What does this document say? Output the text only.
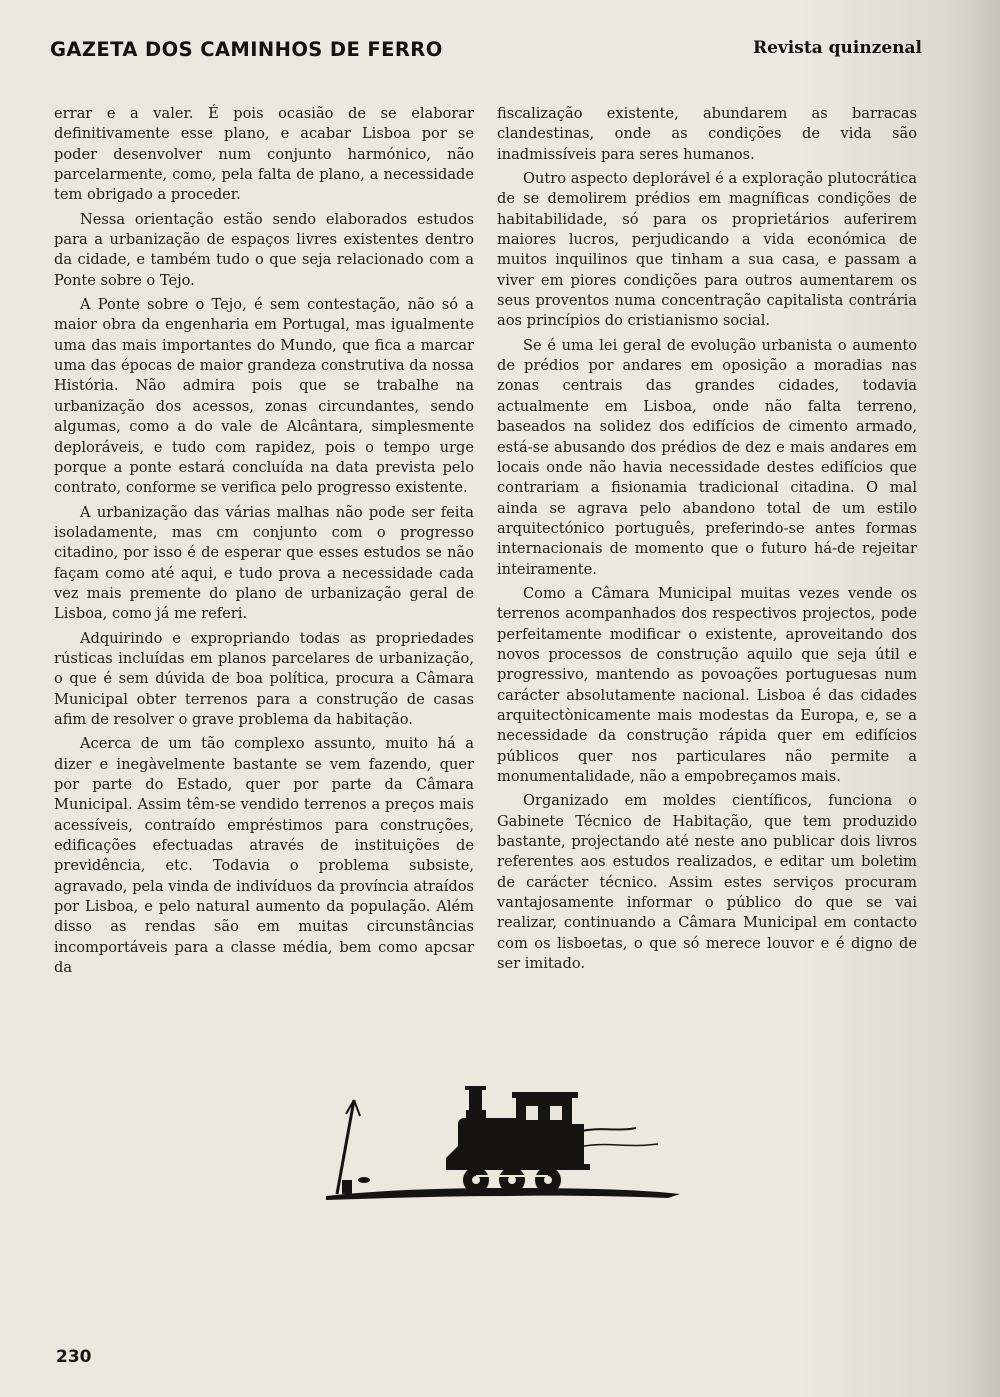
GAZETA DOS CAMINHOS DE FERRO	Revista quinzenal

errar e a valer. É pois ocasião de se elaborar definitivamente esse plano, e acabar Lisboa por se poder desenvolver num conjunto harmónico, não parcelarmente, como, pela falta de plano, a necessidade tem obrigado a proceder.

Nessa orientação estão sendo elaborados estudos para a urbanização de espaços livres existentes dentro da cidade, e também tudo o que seja relacionado com a Ponte sobre o Tejo.

A Ponte sobre o Tejo, é sem contestação, não só a maior obra da engenharia em Portugal, mas igualmente uma das mais importantes do Mundo, que fica a marcar uma das épocas de maior grandeza construtiva da nossa História. Não admira pois que se trabalhe na urbanização dos acessos, zonas circundantes, sendo algumas, como a do vale de Alcântara, simplesmente deploráveis, e tudo com rapidez, pois o tempo urge porque a ponte estará concluída na data prevista pelo contrato, conforme se verifica pelo progresso existente.

A urbanização das várias malhas não pode ser feita isoladamente, mas cm conjunto com o progresso citadino, por isso é de esperar que esses estudos se não façam como até aqui, e tudo prova a necessidade cada vez mais premente do plano de urbanização geral de Lisboa, como já me referi.

Adquirindo e expropriando todas as propriedades rústicas incluídas em planos parcelares de urbanização, o que é sem dúvida de boa política, procura a Câmara Municipal obter terrenos para a construção de casas afim de resolver o grave problema da habitação.

Acerca de um tão complexo assunto, muito há a dizer e inegàvelmente bastante se vem fazendo, quer por parte do Estado, quer por parte da Câmara Municipal. Assim têm-se vendido terrenos a preços mais acessíveis, contraído empréstimos para construções, edificações efectuadas através de instituições de previdência, etc. Todavia o problema subsiste, agravado, pela vinda de indivíduos da província atraídos por Lisboa, e pelo natural aumento da população. Além disso as rendas são em muitas circunstâncias incomportáveis para a classe média, bem como apcsar da

fiscalização existente, abundarem as barracas clandestinas, onde as condições de vida são inadmissíveis para seres humanos.

Outro aspecto deplorável é a exploração plutocrática de se demolirem prédios em magníficas condições de habitabilidade, só para os proprietários auferirem maiores lucros, perjudicando a vida económica de muitos inquilinos que tinham a sua casa, e passam a viver em piores condições para outros aumentarem os seus proventos numa concentração capitalista contrária aos princípios do cristianismo social.

Se é uma lei geral de evolução urbanista o aumento de prédios por andares em oposição a moradias nas zonas centrais das grandes cidades, todavia actualmente em Lisboa, onde não falta terreno, baseados na solidez dos edifícios de cimento armado, está-se abusando dos prédios de dez e mais andares em locais onde não havia necessidade destes edifícios que contrariam a fisionamia tradicional citadina. O mal ainda se agrava pelo abandono total de um estilo arquitectónico português, preferindo-se antes formas internacionais de momento que o futuro há-de rejeitar inteiramente.

Como a Câmara Municipal muitas vezes vende os terrenos acompanhados dos respectivos projectos, pode perfeitamente modificar o existente, aproveitando dos novos processos de construção aquilo que seja útil e progressivo, mantendo as povoações portuguesas num carácter absolutamente nacional. Lisboa é das cidades arquitectònicamente mais modestas da Europa, e, se a necessidade da construção rápida quer em edifícios públicos quer nos particulares não permite a monumentalidade, não a empobreçamos mais.

Organizado em moldes científicos, funciona o Gabinete Técnico de Habitação, que tem produzido bastante, projectando até neste ano publicar dois livros referentes aos estudos realizados, e editar um boletim de carácter técnico. Assim estes serviços procuram vantajosamente informar o público do que se vai realizar, continuando a Câmara Municipal em contacto com os lisboetas, o que só merece louvor e é digno de ser imitado.

230
